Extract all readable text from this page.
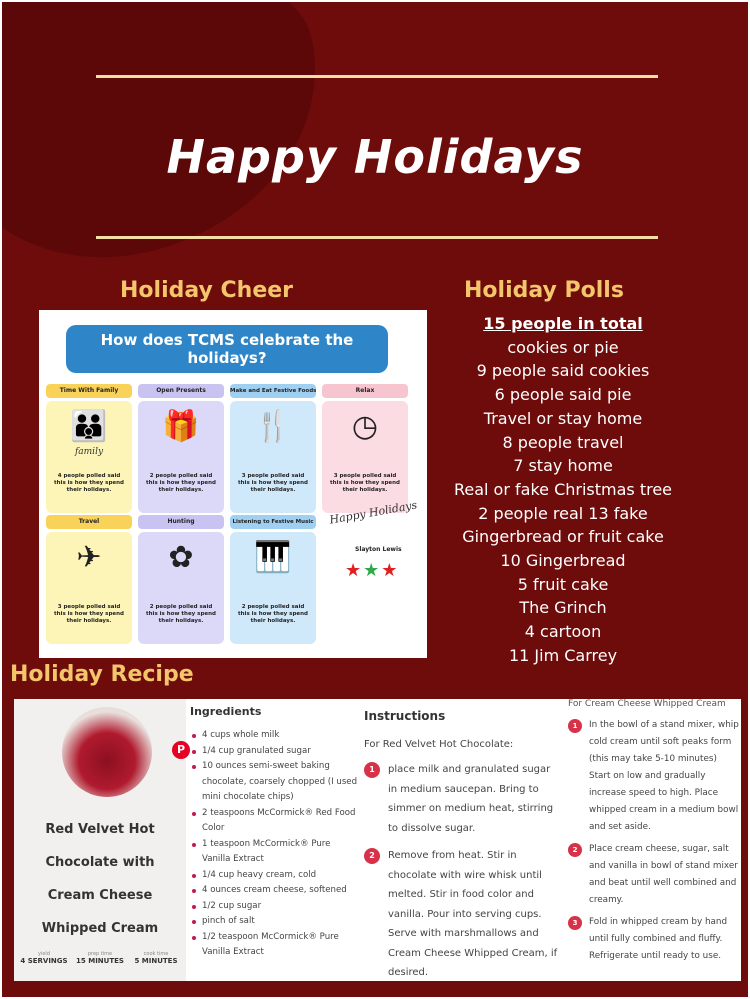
Happy Holidays
Holiday Cheer	Holiday Polls
How does TCMS celebrate the holidays?
Time With Family
👪
family
4 people polled said this is how they spend their holidays.
Open Presents
🎁
2 people polled said this is how they spend their holidays.
Make and Eat Festive Foods
🍴
3 people polled said this is how they spend their holidays.
Relax
◷
3 people polled said this is how they spend their holidays.
Travel
✈
3 people polled said this is how they spend their holidays.
Hunting
✿
2 people polled said this is how they spend their holidays.
Listening to Festive Music
🎹
2 people polled said this is how they spend their holidays.
Happy Holidays
Slayton Lewis
★★★
15 people in total
cookies or pie
9 people said cookies
6 people said pie
Travel or stay home
8 people travel
7 stay home
Real or fake Christmas tree
2 people real 13 fake
Gingerbread or fruit cake
10 Gingerbread
5 fruit cake
The Grinch
4 cartoon
11 Jim Carrey
Holiday Recipe
Red Velvet Hot Chocolate with Cream Cheese Whipped Cream
yield
4 SERVINGS
prep time
15 MINUTES
cook time
5 MINUTES
P
Ingredients
4 cups whole milk
1/4 cup granulated sugar
10 ounces semi-sweet baking chocolate, coarsely chopped (I used mini chocolate chips)
2 teaspoons McCormick® Red Food Color
1 teaspoon McCormick® Pure Vanilla Extract
1/4 cup heavy cream, cold
4 ounces cream cheese, softened
1/2 cup sugar
pinch of salt
1/2 teaspoon McCormick® Pure Vanilla Extract
Instructions
For Red Velvet Hot Chocolate:
1	place milk and granulated sugar in medium saucepan. Bring to simmer on medium heat, stirring to dissolve sugar.
2	Remove from heat. Stir in chocolate with wire whisk until melted. Stir in food color and vanilla. Pour into serving cups. Serve with marshmallows and Cream Cheese Whipped Cream, if desired.
For Cream Cheese Whipped Cream
1	In the bowl of a stand mixer, whip cold cream until soft peaks form (this may take 5-10 minutes) Start on low and gradually increase speed to high. Place whipped cream in a medium bowl and set aside.
2	Place cream cheese, sugar, salt and vanilla in bowl of stand mixer and beat until well combined and creamy.
3	Fold in whipped cream by hand until fully combined and fluffy. Refrigerate until ready to use.
